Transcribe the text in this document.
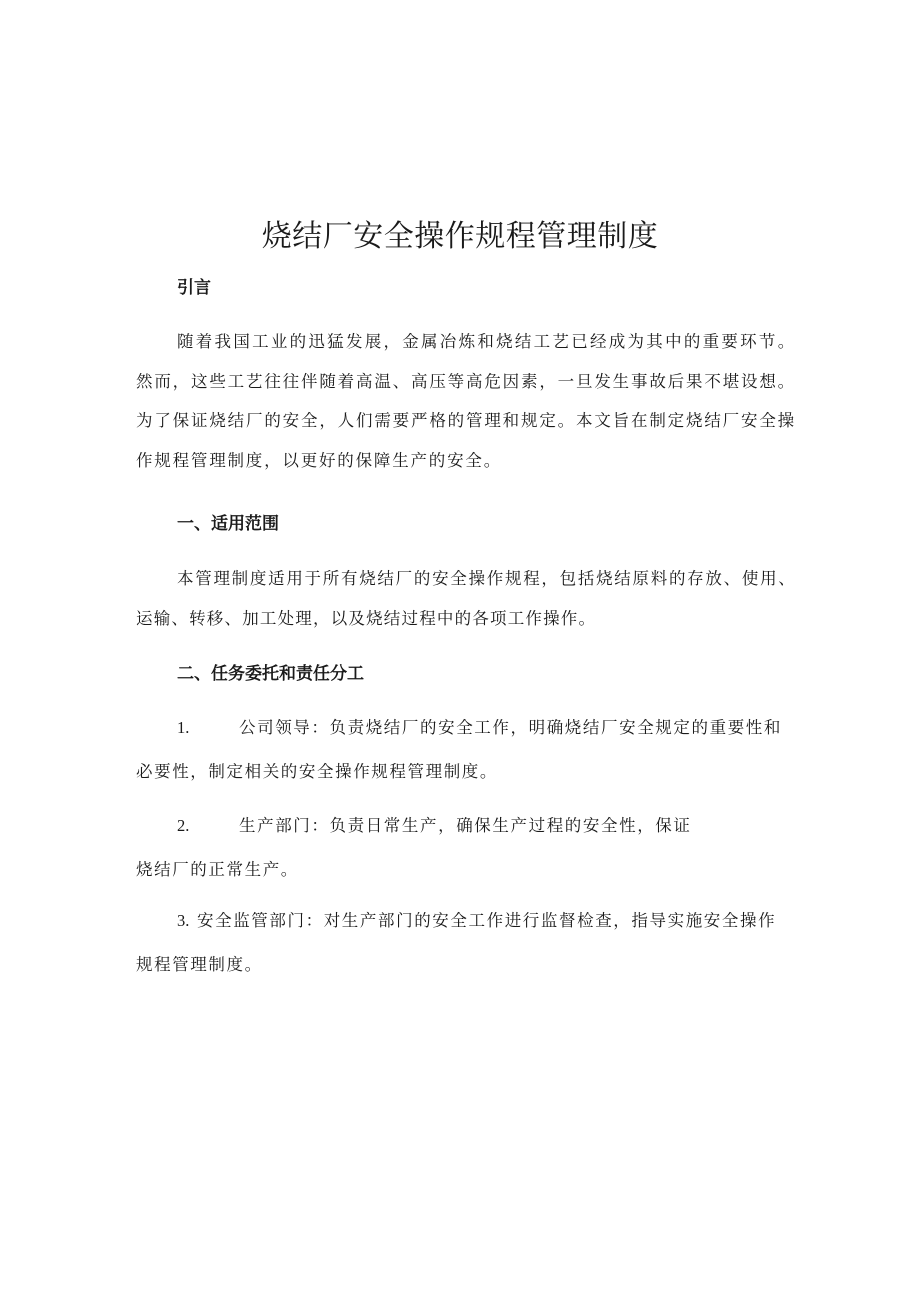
烧结厂安全操作规程管理制度
引言

随着我国工业的迅猛发展，金属冶炼和烧结工艺已经成为其中的重要环节。然而，这些工艺往往伴随着高温、高压等高危因素，一旦发生事故后果不堪设想。为了保证烧结厂的安全，人们需要严格的管理和规定。本文旨在制定烧结厂安全操作规程管理制度，以更好的保障生产的安全。

一、适用范围

本管理制度适用于所有烧结厂的安全操作规程，包括烧结原料的存放、使用、运输、转移、加工处理，以及烧结过程中的各项工作操作。

二、任务委托和责任分工
1.	公司领导：负责烧结厂的安全工作，明确烧结厂安全规定的重要性和
必要性，制定相关的安全操作规程管理制度。
2.	生产部门：负责日常生产，确保生产过程的安全性，保证
烧结厂的正常生产。
3. 安全监管部门：对生产部门的安全工作进行监督检查，指导实施安全操作
规程管理制度。
